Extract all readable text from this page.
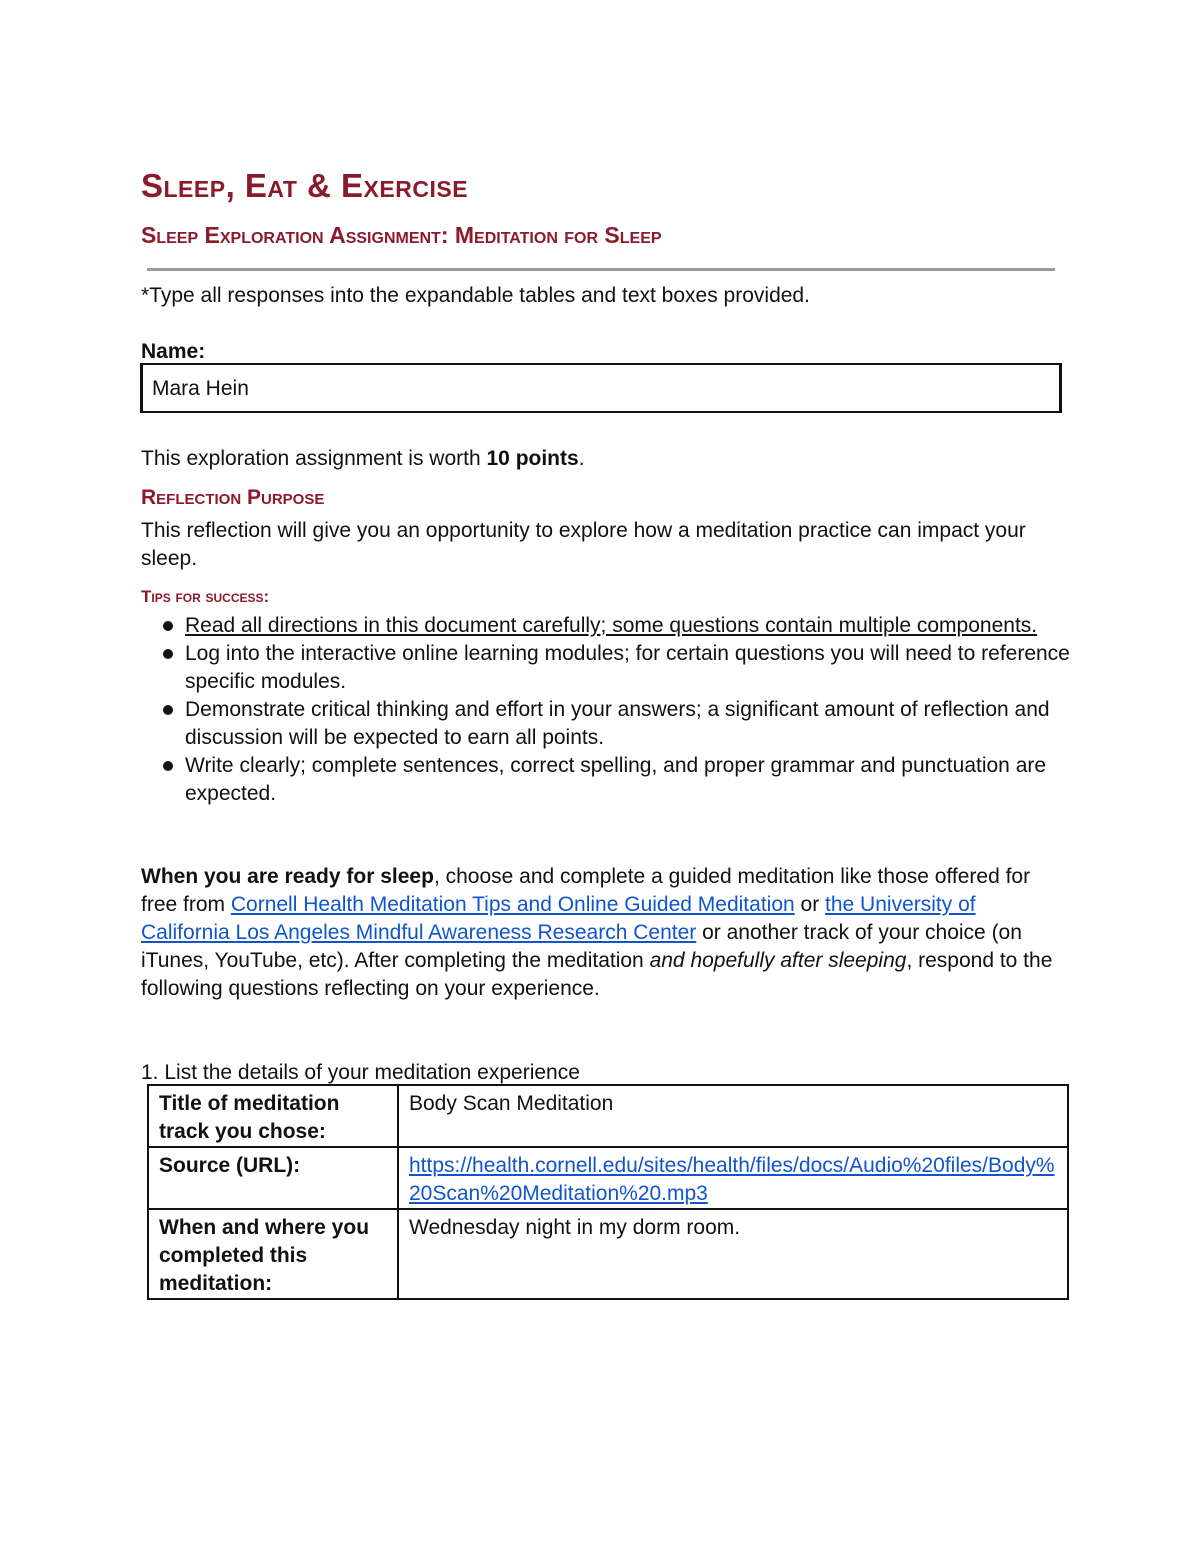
Sleep, Eat & Exercise
Sleep Exploration Assignment: Meditation for Sleep
*Type all responses into the expandable tables and text boxes provided.
Name:
Mara Hein
This exploration assignment is worth 10 points.
Reflection Purpose
This reflection will give you an opportunity to explore how a meditation practice can impact your sleep.
Tips for success:
Read all directions in this document carefully; some questions contain multiple components.
Log into the interactive online learning modules; for certain questions you will need to reference specific modules.
Demonstrate critical thinking and effort in your answers; a significant amount of reflection and discussion will be expected to earn all points.
Write clearly; complete sentences, correct spelling, and proper grammar and punctuation are expected.
When you are ready for sleep, choose and complete a guided meditation like those offered for free from Cornell Health Meditation Tips and Online Guided Meditation or the University of California Los Angeles Mindful Awareness Research Center or another track of your choice (on iTunes, YouTube, etc). After completing the meditation and hopefully after sleeping, respond to the following questions reflecting on your experience.
1. List the details of your meditation experience
Title of meditation track you chose:	Body Scan Meditation
Source (URL):	https://health.cornell.edu/sites/health/files/docs/Audio%20files/Body%20Scan%20Meditation%20.mp3
When and where you completed this meditation:	Wednesday night in my dorm room.
